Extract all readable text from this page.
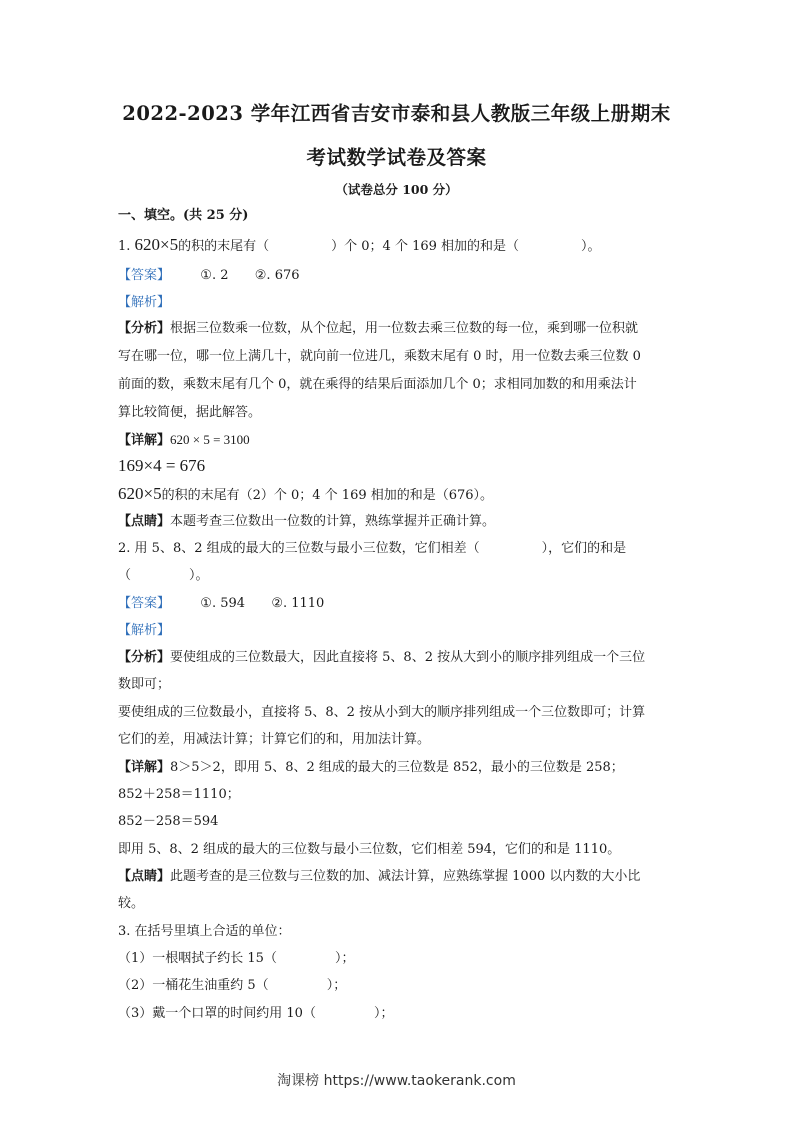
2022-2023 学年江西省吉安市泰和县人教版三年级上册期末
考试数学试卷及答案
（试卷总分 100 分）
一、填空。(共 25 分)
1. 620×5的积的末尾有（	）个 0；4 个 169 相加的和是（	）。
【答案】 ①. 2 ②. 676
【解析】
【分析】根据三位数乘一位数，从个位起，用一位数去乘三位数的每一位，乘到哪一位积就
写在哪一位，哪一位上满几十，就向前一位进几，乘数末尾有 0 时，用一位数去乘三位数 0
前面的数，乘数末尾有几个 0，就在乘得的结果后面添加几个 0；求相同加数的和用乘法计
算比较简便，据此解答。
【详解】620 × 5 = 3100
169×4 = 676
620×5的积的末尾有（2）个 0；4 个 169 相加的和是（676）。
【点睛】本题考查三位数出一位数的计算，熟练掌握并正确计算。
2. 用 5、8、2 组成的最大的三位数与最小三位数，它们相差（	），它们的和是
（	）。
【答案】 ①. 594 ②. 1110
【解析】
【分析】要使组成的三位数最大，因此直接将 5、8、2 按从大到小的顺序排列组成一个三位
数即可；
要使组成的三位数最小，直接将 5、8、2 按从小到大的顺序排列组成一个三位数即可；计算
它们的差，用减法计算；计算它们的和，用加法计算。
【详解】8＞5＞2，即用 5、8、2 组成的最大的三位数是 852，最小的三位数是 258；
852＋258＝1110；
852－258＝594
即用 5、8、2 组成的最大的三位数与最小三位数，它们相差 594，它们的和是 1110。
【点睛】此题考查的是三位数与三位数的加、减法计算，应熟练掌握 1000 以内数的大小比
较。
3. 在括号里填上合适的单位：
（1）一根咽拭子约长 15（	）；
（2）一桶花生油重约 5（	）；
（3）戴一个口罩的时间约用 10（	）；
淘课榜 https://www.taokerank.com
